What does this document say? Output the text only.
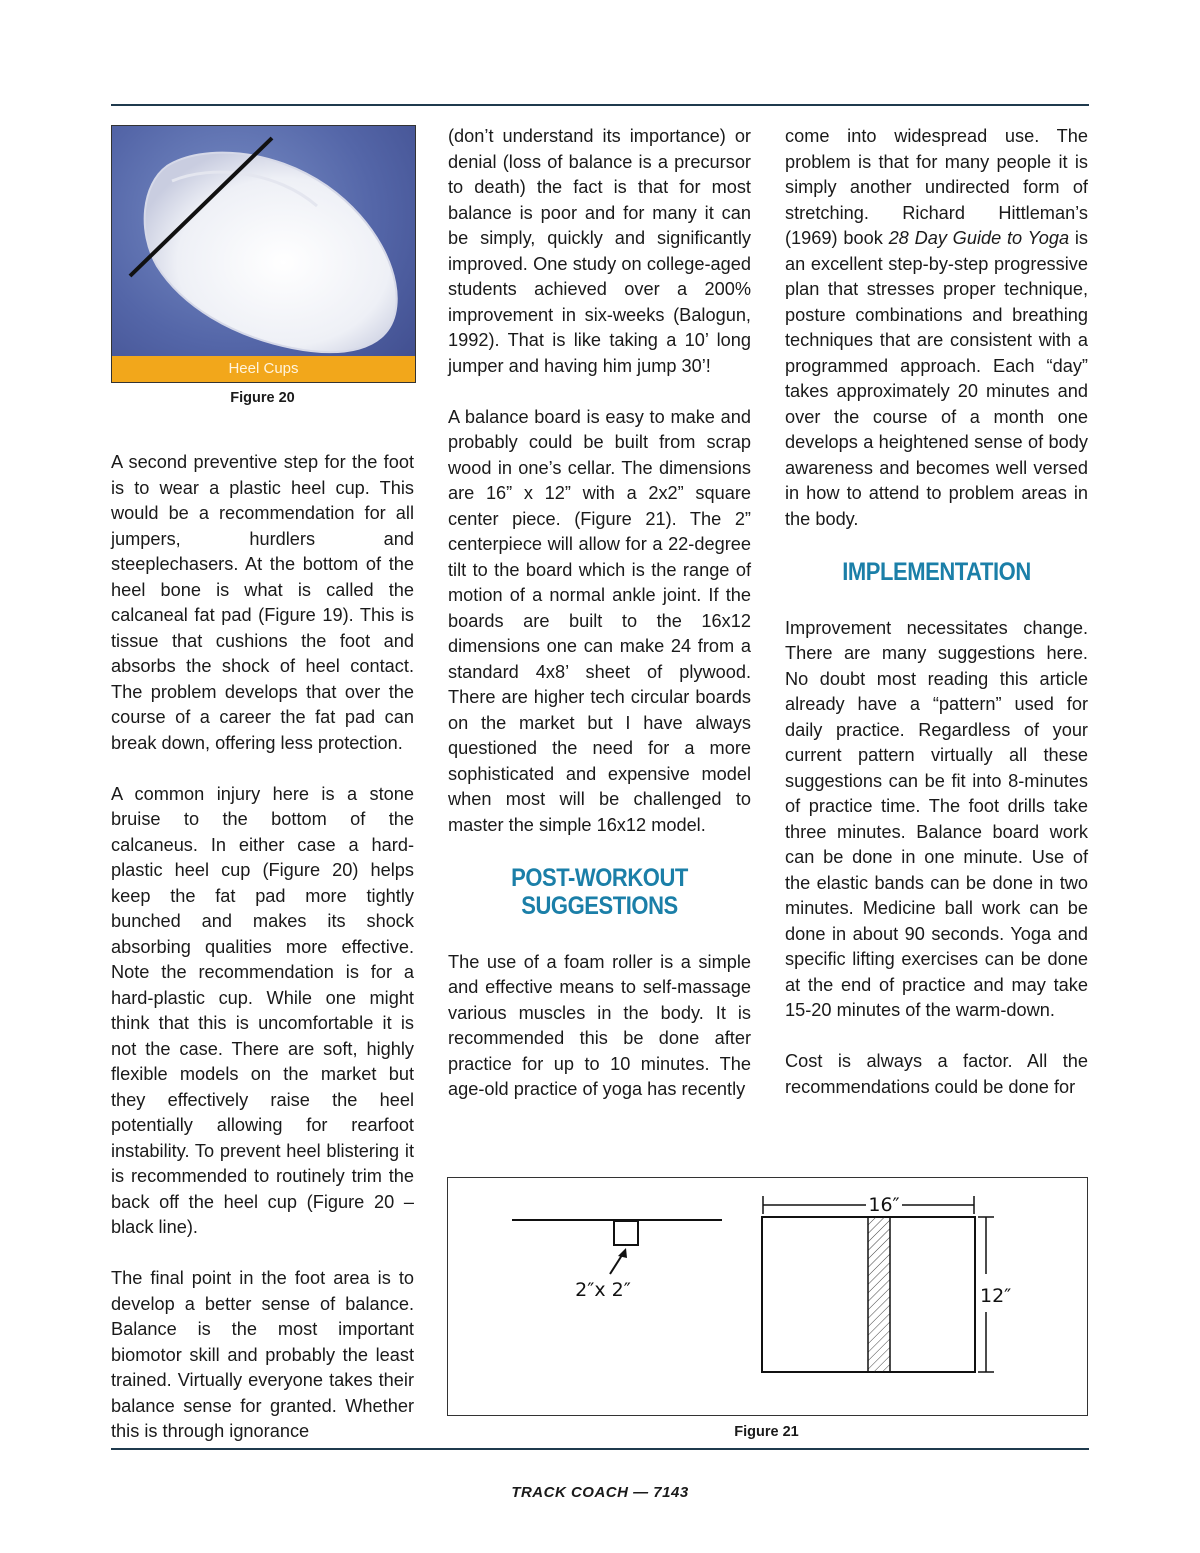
Heel Cups
Figure 20

A second preventive step for the foot is to wear a plastic heel cup. This would be a recommendation for all jumpers, hurdlers and steeplechasers. At the bottom of the heel bone is what is called the calcaneal fat pad (Figure 19). This is tissue that cushions the foot and absorbs the shock of heel contact. The problem develops that over the course of a career the fat pad can break down, offering less protection.

A common injury here is a stone bruise to the bottom of the calcaneus. In either case a hard-plastic heel cup (Figure 20) helps keep the fat pad more tightly bunched and makes its shock absorbing qualities more effective. Note the recommendation is for a hard-plastic cup. While one might think that this is uncomfortable it is not the case. There are soft, highly flexible models on the market but they effectively raise the heel potentially allowing for rearfoot instability. To prevent heel blistering it is recommended to routinely trim the back off the heel cup (Figure 20 – black line).

The final point in the foot area is to develop a better sense of balance. Balance is the most important biomotor skill and probably the least trained. Virtually everyone takes their balance sense for granted. Whether this is through ignorance

(don’t understand its importance) or denial (loss of balance is a precursor to death) the fact is that for most balance is poor and for many it can be simply, quickly and significantly improved. One study on college-aged students achieved over a 200% improvement in six-weeks (Balogun, 1992). That is like taking a 10’ long jumper and having him jump 30’!

A balance board is easy to make and probably could be built from scrap wood in one’s cellar. The dimensions are 16” x 12” with a 2x2” square center piece. (Figure 21). The 2” centerpiece will allow for a 22-degree tilt to the board which is the range of motion of a normal ankle joint. If the boards are built to the 16x12 dimensions one can make 24 from a standard 4x8’ sheet of plywood. There are higher tech circular boards on the market but I have always questioned the need for a more sophisticated and expensive model when most will be challenged to master the simple 16x12 model.

POST-WORKOUT
SUGGESTIONS

The use of a foam roller is a simple and effective means to self-massage various muscles in the body. It is recommended this be done after practice for up to 10 minutes. The age-old practice of yoga has recently

come into widespread use. The problem is that for many people it is simply another undirected form of stretching. Richard Hittleman’s (1969) book 28 Day Guide to Yoga is an excellent step-by-step progressive plan that stresses proper technique, posture combinations and breathing techniques that are consistent with a programmed approach. Each “day” takes approximately 20 minutes and over the course of a month one develops a heightened sense of body awareness and becomes well versed in how to attend to problem areas in the body.

IMPLEMENTATION

Improvement necessitates change. There are many suggestions here. No doubt most reading this article already have a “pattern” used for daily practice. Regardless of your current pattern virtually all these suggestions can be fit into 8-minutes of practice time. The foot drills take three minutes. Balance board work can be done in one minute. Use of the elastic bands can be done in two minutes. Medicine ball work can be done in about 90 seconds. Yoga and specific lifting exercises can be done at the end of practice and may take 15-20 minutes of the warm-down.

Cost is always a factor. All the recommendations could be done for

2″x 2″
16″
12″
Figure 21
TRACK COACH — 7143
